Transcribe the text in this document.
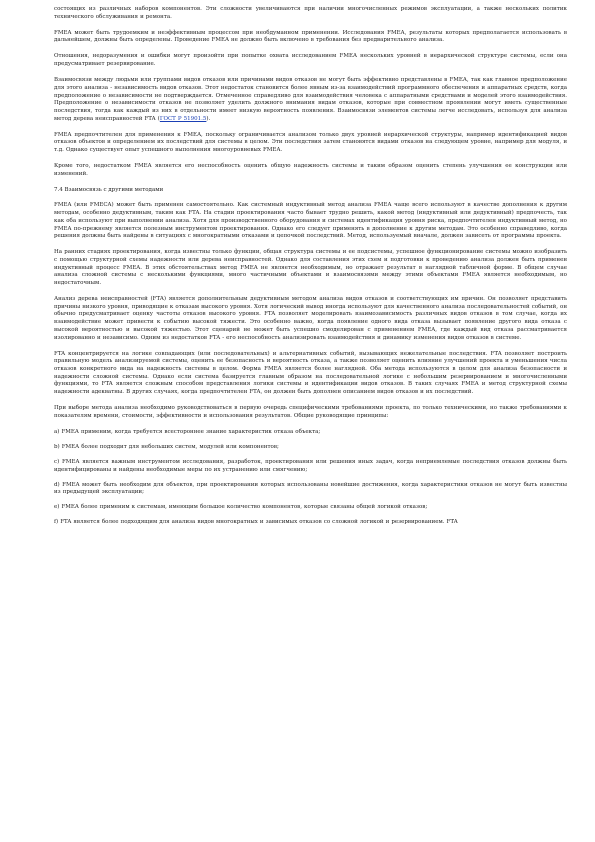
состоящих из различных наборов компонентов. Эти сложности увеличиваются при наличии многочисленных режимов эксплуатации, а также нескольких политик технического обслуживания и ремонта.

FMEA может быть трудоемким и неэффективным процессом при необдуманном применении. Исследования FMEA, результаты которых предполагается использовать в дальнейшем, должны быть определены. Проведение FMEA не должно быть включено в требования без предварительного анализа.

Отношения, недоразумения и ошибки могут произойти при попытке охвата исследованием FMEA нескольких уровней в иерархической структуре системы, если она предусматривает резервирование.

Взаимосвязи между людьми или группами видов отказов или причинами видов отказов не могут быть эффективно представлены в FMEA, так как главное предположение для этого анализа - независимость видов отказов. Этот недостаток становится более явным из-за взаимодействий программного обеспечения и аппаратных средств, когда предположение о независимости не подтверждается. Отмеченное справедливо для взаимодействия человека с аппаратными средствами и моделей этого взаимодействия. Предположение о независимости отказов не позволяет уделить должного внимания видам отказов, которые при совместном проявлении могут иметь существенные последствия, тогда как каждый из них в отдельности имеет низкую вероятность появления. Взаимосвязи элементов системы легче исследовать, используя для анализа метод дерева неисправностей FTA (ГОСТ Р 51901.5).

FMEA предпочтителен для применения к FMEA, поскольку ограничивается анализом только двух уровней иерархической структуры, например идентификацией видов отказов объектов и определением их последствий для системы в целом. Эти последствия затем становятся видами отказов на следующем уровне, например для модуля, и т.д. Однако существует опыт успешного выполнения многоуровневых FMEA.

Кроме того, недостатком FMEA является его неспособность оценить общую надежность системы и таким образом оценить степень улучшения ее конструкции или изменений.

7.4 Взаимосвязь с другими методами

FMEA (или FMECA) может быть применен самостоятельно. Как системный индуктивный метод анализа FMEA чаще всего используют в качестве дополнения к другим методам, особенно дедуктивным, таким как FTA. На стадии проектирования часто бывает трудно решить, какой метод (индуктивный или дедуктивный) предпочесть, так как оба используют при выполнении анализа. Хотя для производственного оборудования и системах идентификация уровня риска, предпочтителен индуктивный метод, но FMEA по-прежнему является полезным инструментом проектирования. Однако его следует применять в дополнение к другим методам. Это особенно справедливо, когда решения должны быть найдены в ситуациях с многократными отказами и цепочкой последствий. Метод, используемый вначале, должен зависеть от программы проекта.

На ранних стадиях проектирования, когда известны только функции, общая структура системы и ее подсистемы, успешное функционирование системы можно изобразить с помощью структурной схемы надежности или дерева неисправностей. Однако для составления этих схем и подготовки к проведению анализа должен быть применен индуктивный процесс FMEA. В этих обстоятельствах метод FMEA не является необходимым, но отражает результат в наглядной табличной форме. В общем случае анализа сложной системы с несколькими функциями, много частичными объектами и взаимосвязями между этими объектами FMEA является необходимым, но недостаточным.

Анализ дерева неисправностей (FTA) является дополнительным дедуктивным методом анализа видов отказов и соответствующих им причин. Он позволяет представить причины низкого уровня, приводящие к отказам высокого уровня. Хотя логический вывод иногда используют для качественного анализа последовательностей событий, он обычно предусматривает оценку частоты отказов высокого уровня. FTA позволяет моделировать взаимозависимость различных видов отказов в том случае, когда их взаимодействие может привести к событию высокой тяжести. Это особенно важно, когда появление одного вида отказа вызывает появление другого вида отказа с высокой вероятностью и высокой тяжестью. Этот сценарий не может быть успешно смоделирован с применением FMEA, где каждый вид отказа рассматривается изолированно и независимо. Одним из недостатков FTA - его неспособность анализировать взаимодействия и динамику изменения видов отказов в системе.

FTA концентрируется на логике совпадающих (или последовательных) и альтернативных событий, вызывающих нежелательные последствия. FTA позволяет построить правильную модель анализируемой системы, оценить ее безопасность и вероятность отказа, а также позволяет оценить влияние улучшений проекта и уменьшения числа отказов конкретного вида на надежность системы в целом. Форма FMEA является более наглядной. Оба метода используются в целом для анализа безопасности и надежности сложной системы. Однако если система базируется главным образом на последовательной логике с небольшим резервированием и многочисленными функциями, то FTA является сложным способом представления логики системы и идентификации видов отказов. В таких случаях FMEA и метод структурной схемы надежности адекватны. В других случаях, когда предпочтителен FTA, он должен быть дополнен описанием видов отказов и их последствий.

При выборе метода анализа необходимо руководствоваться в первую очередь специфическими требованиями проекта, по только техническими, но также требованиями к показателям времени, стоимости, эффективности и использования результатов. Общие руководящие принципы:

а) FMEA применим, когда требуется всестороннее знание характеристик отказа объекта;

b) FMEA более подходит для небольших систем, модулей или компонентов;

c) FMEA является важным инструментом исследования, разработок, проектирования или решения иных задач, когда неприемлемые последствия отказов должны быть идентифицированы и найдены необходимые меры по их устранению или смягчению;

d) FMEA может быть необходим для объектов, при проектировании которых использованы новейшие достижения, когда характеристики отказов не могут быть известны из предыдущей эксплуатации;

e) FMEA более применим к системам, имеющим большое количество компонентов, которые связаны общей логикой отказов;

f) FTA является более подходящим для анализа видов многократных и зависимых отказов со сложной логикой и резервированием. FTA
